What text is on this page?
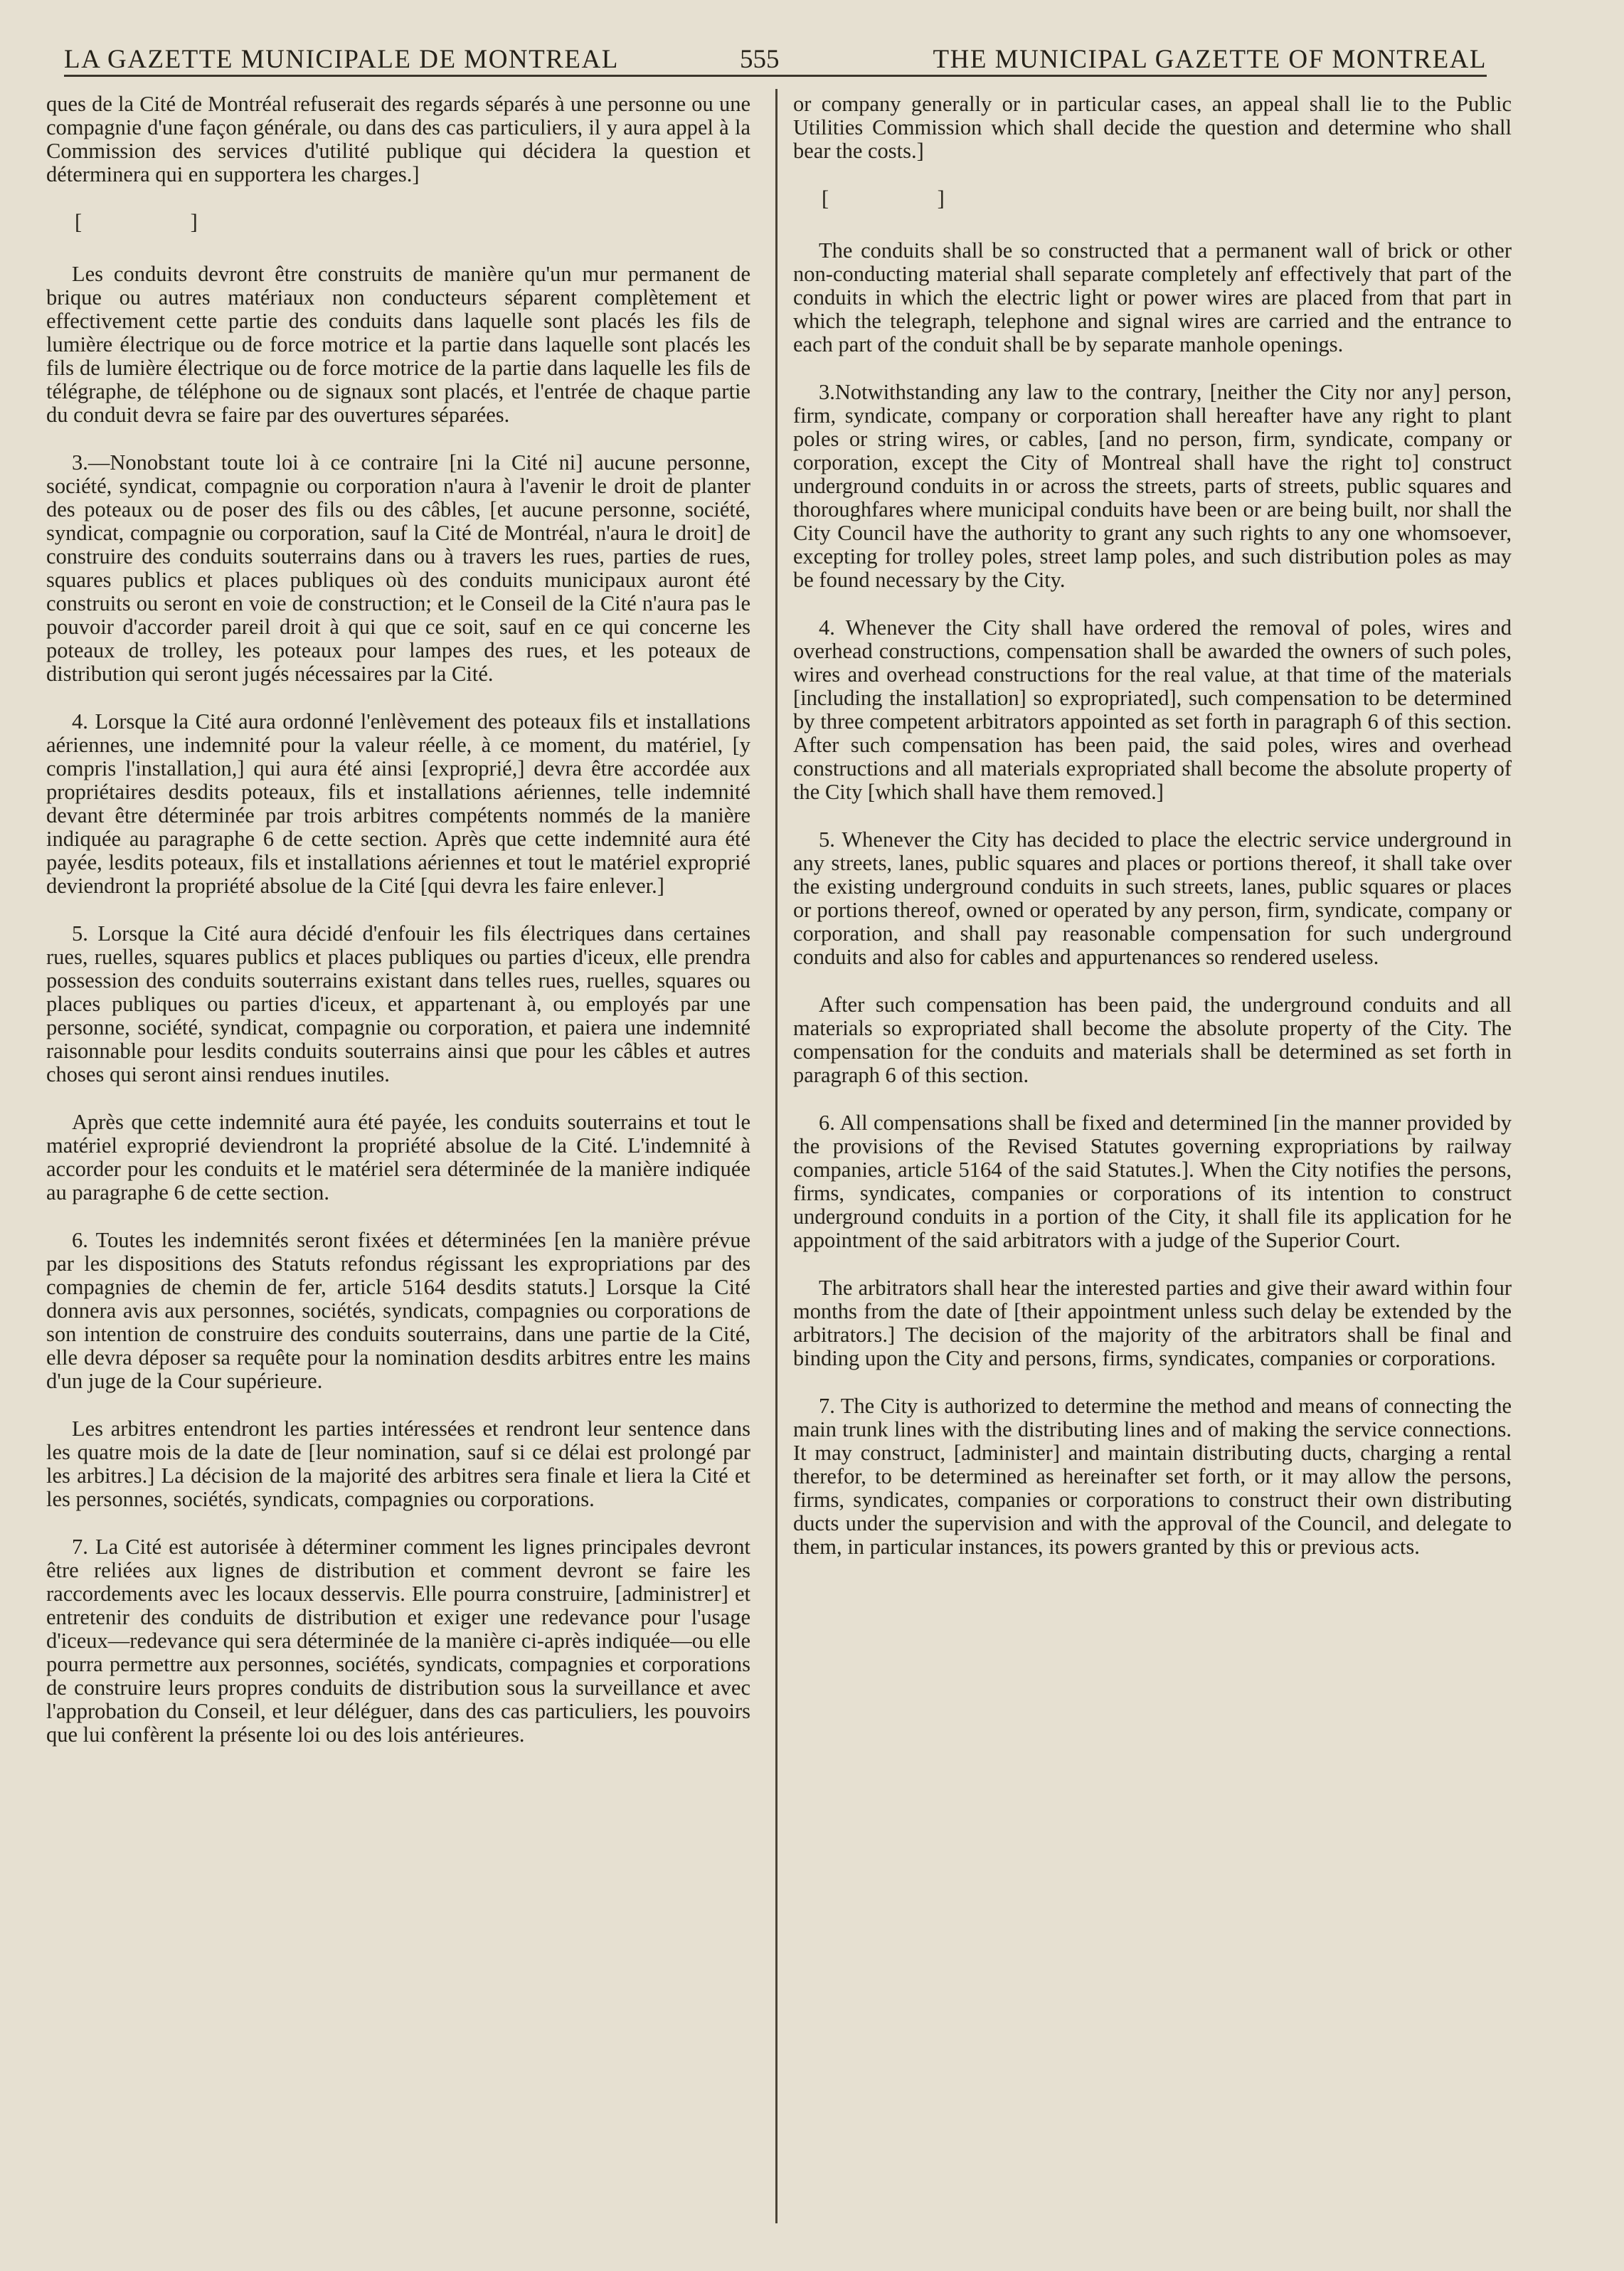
LA GAZETTE MUNICIPALE DE MONTREAL	555	THE MUNICIPAL GAZETTE OF MONTREAL

ques de la Cité de Montréal refuserait des regards séparés à une personne ou une compagnie d'une façon générale, ou dans des cas particuliers, il y aura appel à la Commission des services d'utilité publique qui décidera la question et déterminera qui en supportera les charges.]

[                    ]

Les conduits devront être construits de manière qu'un mur permanent de brique ou autres matériaux non conducteurs séparent complètement et effectivement cette partie des conduits dans laquelle sont placés les fils de lumière électrique ou de force motrice et la partie dans laquelle sont placés les fils de lumière électrique ou de force motrice de la partie dans laquelle les fils de télégraphe, de téléphone ou de signaux sont placés, et l'entrée de chaque partie du conduit devra se faire par des ouvertures séparées.

3.—Nonobstant toute loi à ce contraire [ni la Cité ni] aucune personne, société, syndicat, compagnie ou corporation n'aura à l'avenir le droit de planter des poteaux ou de poser des fils ou des câbles, [et aucune personne, société, syndicat, compagnie ou corporation, sauf la Cité de Montréal, n'aura le droit] de construire des conduits souterrains dans ou à travers les rues, parties de rues, squares publics et places publiques où des conduits municipaux auront été construits ou seront en voie de construction; et le Conseil de la Cité n'aura pas le pouvoir d'accorder pareil droit à qui que ce soit, sauf en ce qui concerne les poteaux de trolley, les poteaux pour lampes des rues, et les poteaux de distribution qui seront jugés nécessaires par la Cité.

4. Lorsque la Cité aura ordonné l'enlèvement des poteaux fils et installations aériennes, une indemnité pour la valeur réelle, à ce moment, du matériel, [y compris l'installation,] qui aura été ainsi [exproprié,] devra être accordée aux propriétaires desdits poteaux, fils et installations aériennes, telle indemnité devant être déterminée par trois arbitres compétents nommés de la manière indiquée au paragraphe 6 de cette section. Après que cette indemnité aura été payée, lesdits poteaux, fils et installations aériennes et tout le matériel exproprié deviendront la propriété absolue de la Cité [qui devra les faire enlever.]

5. Lorsque la Cité aura décidé d'enfouir les fils électriques dans certaines rues, ruelles, squares publics et places publiques ou parties d'iceux, elle prendra possession des conduits souterrains existant dans telles rues, ruelles, squares ou places publiques ou parties d'iceux, et appartenant à, ou employés par une personne, société, syndicat, compagnie ou corporation, et paiera une indemnité raisonnable pour lesdits conduits souterrains ainsi que pour les câbles et autres choses qui seront ainsi rendues inutiles.

Après que cette indemnité aura été payée, les conduits souterrains et tout le matériel exproprié deviendront la propriété absolue de la Cité. L'indemnité à accorder pour les conduits et le matériel sera déterminée de la manière indiquée au paragraphe 6 de cette section.

6. Toutes les indemnités seront fixées et déterminées [en la manière prévue par les dispositions des Statuts refondus régissant les expropriations par des compagnies de chemin de fer, article 5164 desdits statuts.] Lorsque la Cité donnera avis aux personnes, sociétés, syndicats, compagnies ou corporations de son intention de construire des conduits souterrains, dans une partie de la Cité, elle devra déposer sa requête pour la nomination desdits arbitres entre les mains d'un juge de la Cour supérieure.

Les arbitres entendront les parties intéressées et rendront leur sentence dans les quatre mois de la date de [leur nomination, sauf si ce délai est prolongé par les arbitres.] La décision de la majorité des arbitres sera finale et liera la Cité et les personnes, sociétés, syndicats, compagnies ou corporations.

7. La Cité est autorisée à déterminer comment les lignes principales devront être reliées aux lignes de distribution et comment devront se faire les raccordements avec les locaux desservis. Elle pourra construire, [administrer] et entretenir des conduits de distribution et exiger une redevance pour l'usage d'iceux—redevance qui sera déterminée de la manière ci-après indiquée—ou elle pourra permettre aux personnes, sociétés, syndicats, compagnies et corporations de construire leurs propres conduits de distribution sous la surveillance et avec l'approbation du Conseil, et leur déléguer, dans des cas particuliers, les pouvoirs que lui confèrent la présente loi ou des lois antérieures.

or company generally or in particular cases, an appeal shall lie to the Public Utilities Commission which shall decide the question and determine who shall bear the costs.]

[                    ]

The conduits shall be so constructed that a permanent wall of brick or other non-conducting material shall separate completely anf effectively that part of the conduits in which the electric light or power wires are placed from that part in which the telegraph, telephone and signal wires are carried and the entrance to each part of the conduit shall be by separate manhole openings.

3.Notwithstanding any law to the contrary, [neither the City nor any] person, firm, syndicate, company or corporation shall hereafter have any right to plant poles or string wires, or cables, [and no person, firm, syndicate, company or corporation, except the City of Montreal shall have the right to] construct underground conduits in or across the streets, parts of streets, public squares and thoroughfares where municipal conduits have been or are being built, nor shall the City Council have the authority to grant any such rights to any one whomsoever, excepting for trolley poles, street lamp poles, and such distribution poles as may be found necessary by the City.

4. Whenever the City shall have ordered the removal of poles, wires and overhead constructions, compensation shall be awarded the owners of such poles, wires and overhead constructions for the real value, at that time of the materials [including the installation] so expropriated], such compensation to be determined by three competent arbitrators appointed as set forth in paragraph 6 of this section. After such compensation has been paid, the said poles, wires and overhead constructions and all materials expropriated shall become the absolute property of the City [which shall have them removed.]

5. Whenever the City has decided to place the electric service underground in any streets, lanes, public squares and places or portions thereof, it shall take over the existing underground conduits in such streets, lanes, public squares or places or portions thereof, owned or operated by any person, firm, syndicate, company or corporation, and shall pay reasonable compensation for such underground conduits and also for cables and appurtenances so rendered useless.

After such compensation has been paid, the underground conduits and all materials so expropriated shall become the absolute property of the City. The compensation for the conduits and materials shall be determined as set forth in paragraph 6 of this section.

6. All compensations shall be fixed and determined [in the manner provided by the provisions of the Revised Statutes governing expropriations by railway companies, article 5164 of the said Statutes.]. When the City notifies the persons, firms, syndicates, companies or corporations of its intention to construct underground conduits in a portion of the City, it shall file its application for he appointment of the said arbitrators with a judge of the Superior Court.

The arbitrators shall hear the interested parties and give their award within four months from the date of [their appointment unless such delay be extended by the arbitrators.] The decision of the majority of the arbitrators shall be final and binding upon the City and persons, firms, syndicates, companies or corporations.

7. The City is authorized to determine the method and means of connecting the main trunk lines with the distributing lines and of making the service connections. It may construct, [administer] and maintain distributing ducts, charging a rental therefor, to be determined as hereinafter set forth, or it may allow the persons, firms, syndicates, companies or corporations to construct their own distributing ducts under the supervision and with the approval of the Council, and delegate to them, in particular instances, its powers granted by this or previous acts.
